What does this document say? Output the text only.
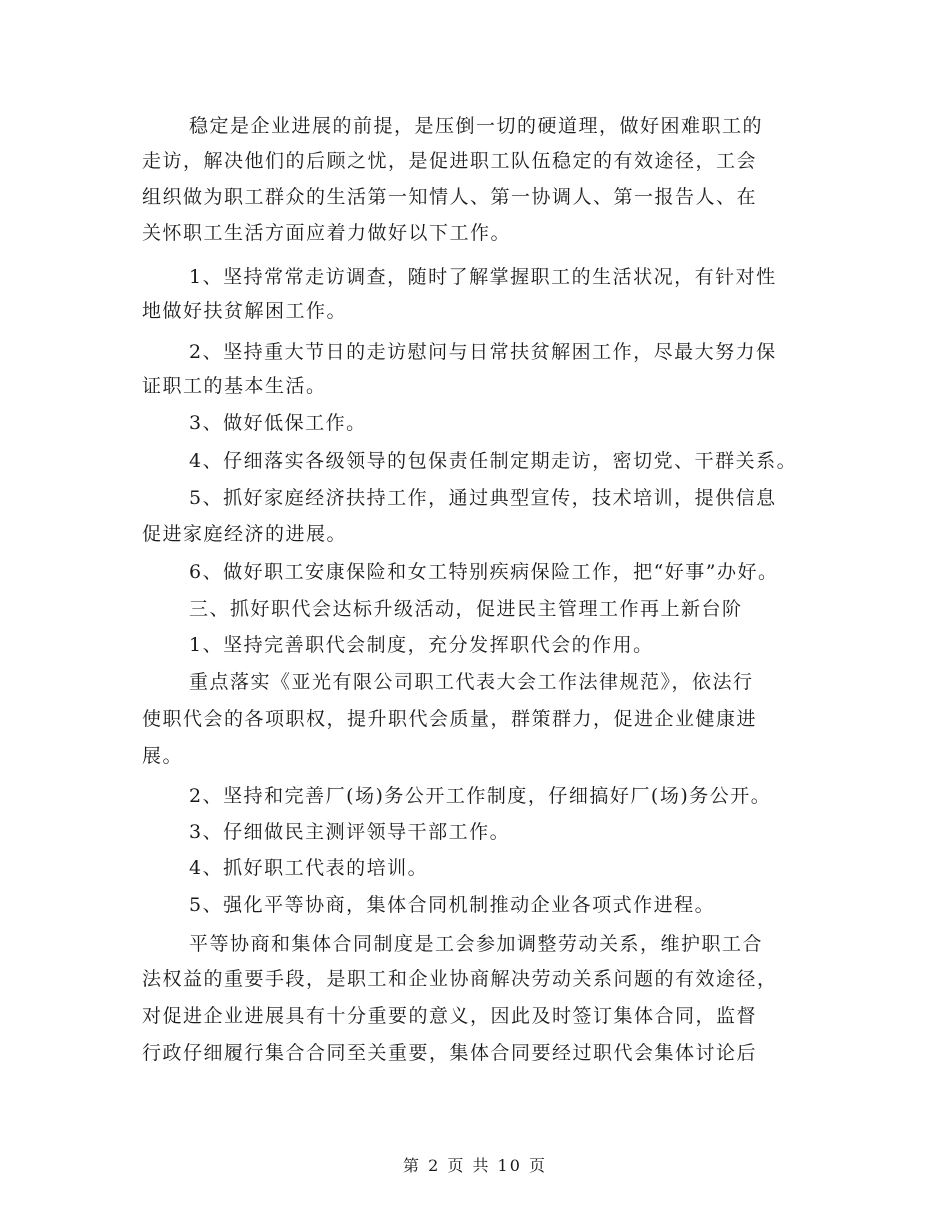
稳定是企业进展的前提，是压倒一切的硬道理，做好困难职工的
走访，解决他们的后顾之忧，是促进职工队伍稳定的有效途径，工会
组织做为职工群众的生活第一知情人、第一协调人、第一报告人、在
关怀职工生活方面应着力做好以下工作。
1、坚持常常走访调查，随时了解掌握职工的生活状况，有针对性
地做好扶贫解困工作。
2、坚持重大节日的走访慰问与日常扶贫解困工作，尽最大努力保
证职工的基本生活。
3、做好低保工作。
4、仔细落实各级领导的包保责任制定期走访，密切党、干群关系。
5、抓好家庭经济扶持工作，通过典型宣传，技术培训，提供信息
促进家庭经济的进展。
6、做好职工安康保险和女工特别疾病保险工作，把“好事”办好。
三、抓好职代会达标升级活动，促进民主管理工作再上新台阶
1、坚持完善职代会制度，充分发挥职代会的作用。
重点落实《亚光有限公司职工代表大会工作法律规范》，依法行
使职代会的各项职权，提升职代会质量，群策群力，促进企业健康进
展。
2、坚持和完善厂(场)务公开工作制度，仔细搞好厂(场)务公开。
3、仔细做民主测评领导干部工作。
4、抓好职工代表的培训。
5、强化平等协商，集体合同机制推动企业各项式作进程。
平等协商和集体合同制度是工会参加调整劳动关系，维护职工合
法权益的重要手段，是职工和企业协商解决劳动关系问题的有效途径，
对促进企业进展具有十分重要的意义，因此及时签订集体合同，监督
行政仔细履行集合合同至关重要，集体合同要经过职代会集体讨论后
第 2 页 共 10 页
